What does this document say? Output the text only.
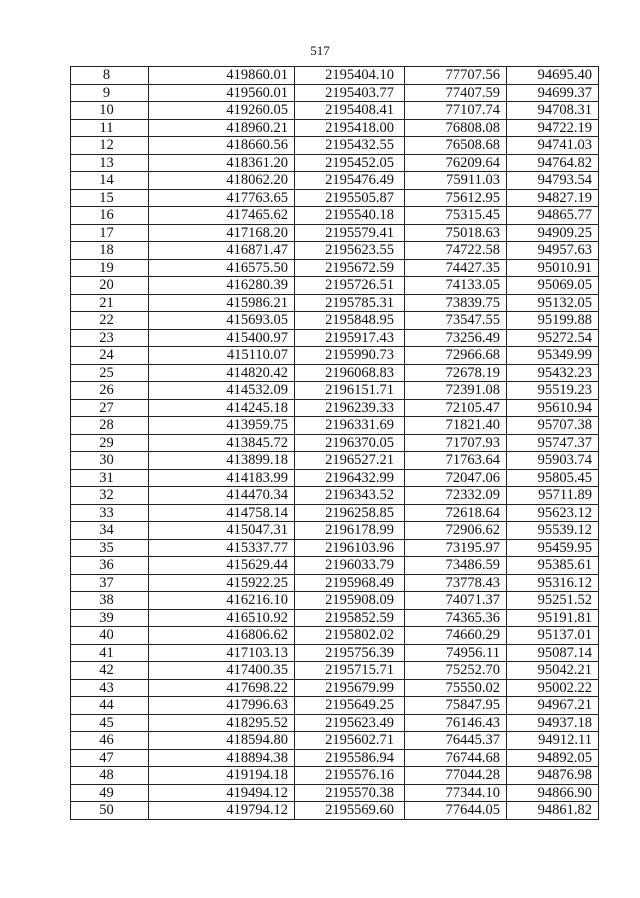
517
8	419860.01	2195404.10	77707.56	94695.40
9	419560.01	2195403.77	77407.59	94699.37
10	419260.05	2195408.41	77107.74	94708.31
11	418960.21	2195418.00	76808.08	94722.19
12	418660.56	2195432.55	76508.68	94741.03
13	418361.20	2195452.05	76209.64	94764.82
14	418062.20	2195476.49	75911.03	94793.54
15	417763.65	2195505.87	75612.95	94827.19
16	417465.62	2195540.18	75315.45	94865.77
17	417168.20	2195579.41	75018.63	94909.25
18	416871.47	2195623.55	74722.58	94957.63
19	416575.50	2195672.59	74427.35	95010.91
20	416280.39	2195726.51	74133.05	95069.05
21	415986.21	2195785.31	73839.75	95132.05
22	415693.05	2195848.95	73547.55	95199.88
23	415400.97	2195917.43	73256.49	95272.54
24	415110.07	2195990.73	72966.68	95349.99
25	414820.42	2196068.83	72678.19	95432.23
26	414532.09	2196151.71	72391.08	95519.23
27	414245.18	2196239.33	72105.47	95610.94
28	413959.75	2196331.69	71821.40	95707.38
29	413845.72	2196370.05	71707.93	95747.37
30	413899.18	2196527.21	71763.64	95903.74
31	414183.99	2196432.99	72047.06	95805.45
32	414470.34	2196343.52	72332.09	95711.89
33	414758.14	2196258.85	72618.64	95623.12
34	415047.31	2196178.99	72906.62	95539.12
35	415337.77	2196103.96	73195.97	95459.95
36	415629.44	2196033.79	73486.59	95385.61
37	415922.25	2195968.49	73778.43	95316.12
38	416216.10	2195908.09	74071.37	95251.52
39	416510.92	2195852.59	74365.36	95191.81
40	416806.62	2195802.02	74660.29	95137.01
41	417103.13	2195756.39	74956.11	95087.14
42	417400.35	2195715.71	75252.70	95042.21
43	417698.22	2195679.99	75550.02	95002.22
44	417996.63	2195649.25	75847.95	94967.21
45	418295.52	2195623.49	76146.43	94937.18
46	418594.80	2195602.71	76445.37	94912.11
47	418894.38	2195586.94	76744.68	94892.05
48	419194.18	2195576.16	77044.28	94876.98
49	419494.12	2195570.38	77344.10	94866.90
50	419794.12	2195569.60	77644.05	94861.82
